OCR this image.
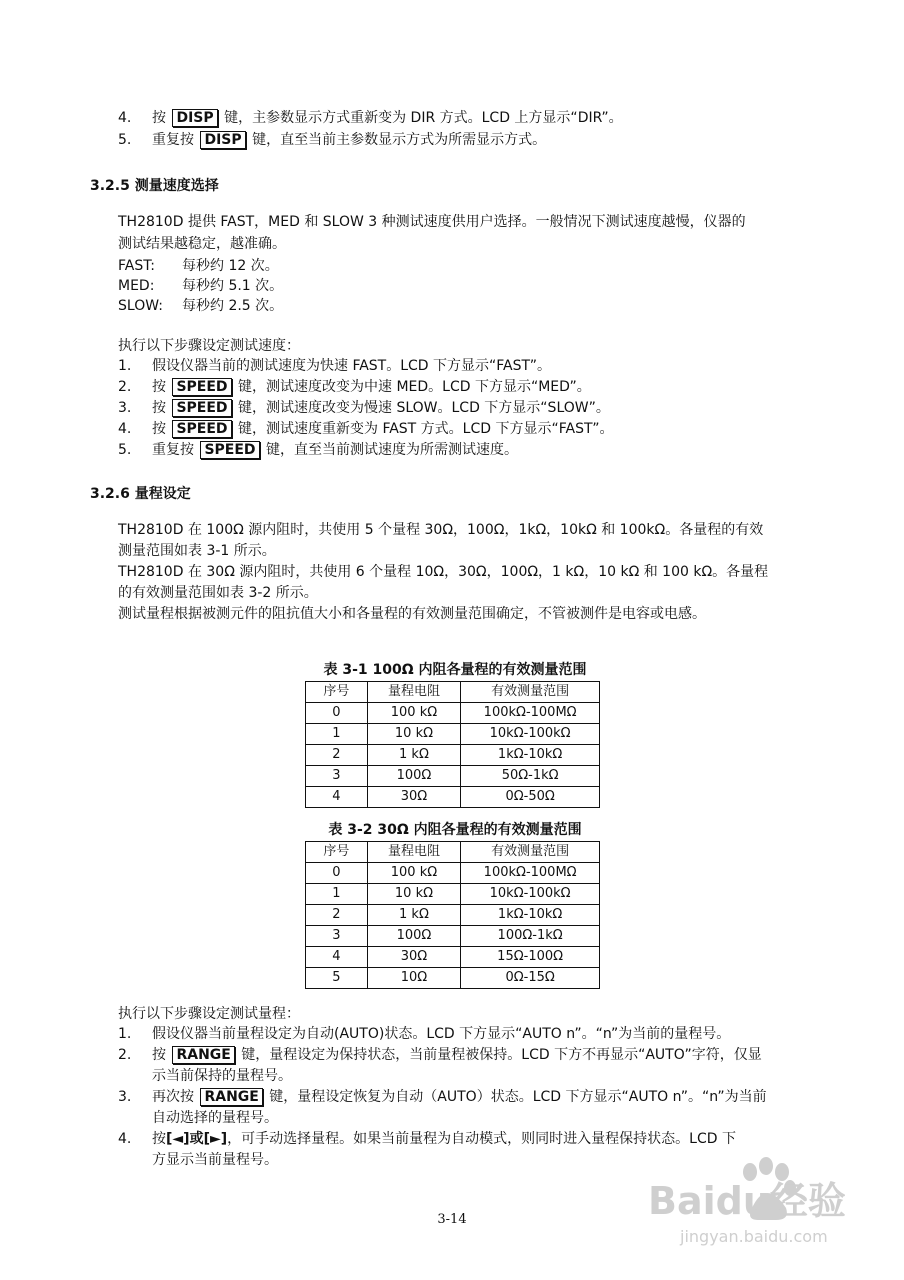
4. 按 DISP 键，主参数显示方式重新变为 DIR 方式。LCD 上方显示“DIR”。
5. 重复按 DISP 键，直至当前主参数显示方式为所需显示方式。
3.2.5 测量速度选择
TH2810D 提供 FAST，MED 和 SLOW 3 种测试速度供用户选择。一般情况下测试速度越慢，仪器的
测试结果越稳定，越准确。
FAST: 每秒约 12 次。
MED: 每秒约 5.1 次。
SLOW: 每秒约 2.5 次。
执行以下步骤设定测试速度：
1. 假设仪器当前的测试速度为快速 FAST。LCD 下方显示“FAST”。
2. 按 SPEED 键，测试速度改变为中速 MED。LCD 下方显示“MED”。
3. 按 SPEED 键，测试速度改变为慢速 SLOW。LCD 下方显示“SLOW”。
4. 按 SPEED 键，测试速度重新变为 FAST 方式。LCD 下方显示“FAST”。
5. 重复按 SPEED 键，直至当前测试速度为所需测试速度。
3.2.6 量程设定
TH2810D 在 100Ω 源内阻时，共使用 5 个量程 30Ω，100Ω，1kΩ，10kΩ 和 100kΩ。各量程的有效
测量范围如表 3-1 所示。
TH2810D 在 30Ω 源内阻时，共使用 6 个量程 10Ω，30Ω，100Ω，1 kΩ，10 kΩ 和 100 kΩ。各量程
的有效测量范围如表 3-2 所示。
测试量程根据被测元件的阻抗值大小和各量程的有效测量范围确定，不管被测件是电容或电感。
表 3-1 100Ω 内阻各量程的有效测量范围
序号	量程电阻	有效测量范围
0	100 kΩ	100kΩ-100MΩ
1	10 kΩ	10kΩ-100kΩ
2	1 kΩ	1kΩ-10kΩ
3	100Ω	50Ω-1kΩ
4	30Ω	0Ω-50Ω
表 3-2 30Ω 内阻各量程的有效测量范围
序号	量程电阻	有效测量范围
0	100 kΩ	100kΩ-100MΩ
1	10 kΩ	10kΩ-100kΩ
2	1 kΩ	1kΩ-10kΩ
3	100Ω	100Ω-1kΩ
4	30Ω	15Ω-100Ω
5	10Ω	0Ω-15Ω
执行以下步骤设定测试量程：
1. 假设仪器当前量程设定为自动(AUTO)状态。LCD 下方显示“AUTO n”。“n”为当前的量程号。
2. 按 RANGE 键，量程设定为保持状态，当前量程被保持。LCD 下方不再显示“AUTO”字符，仅显
示当前保持的量程号。
3. 再次按 RANGE 键，量程设定恢复为自动（AUTO）状态。LCD 下方显示“AUTO n”。“n”为当前
自动选择的量程号。
4. 按[◄]或[►]，可手动选择量程。如果当前量程为自动模式，则同时进入量程保持状态。LCD 下
方显示当前量程号。
Baidu经验
jingyan.baidu.com
3-14
